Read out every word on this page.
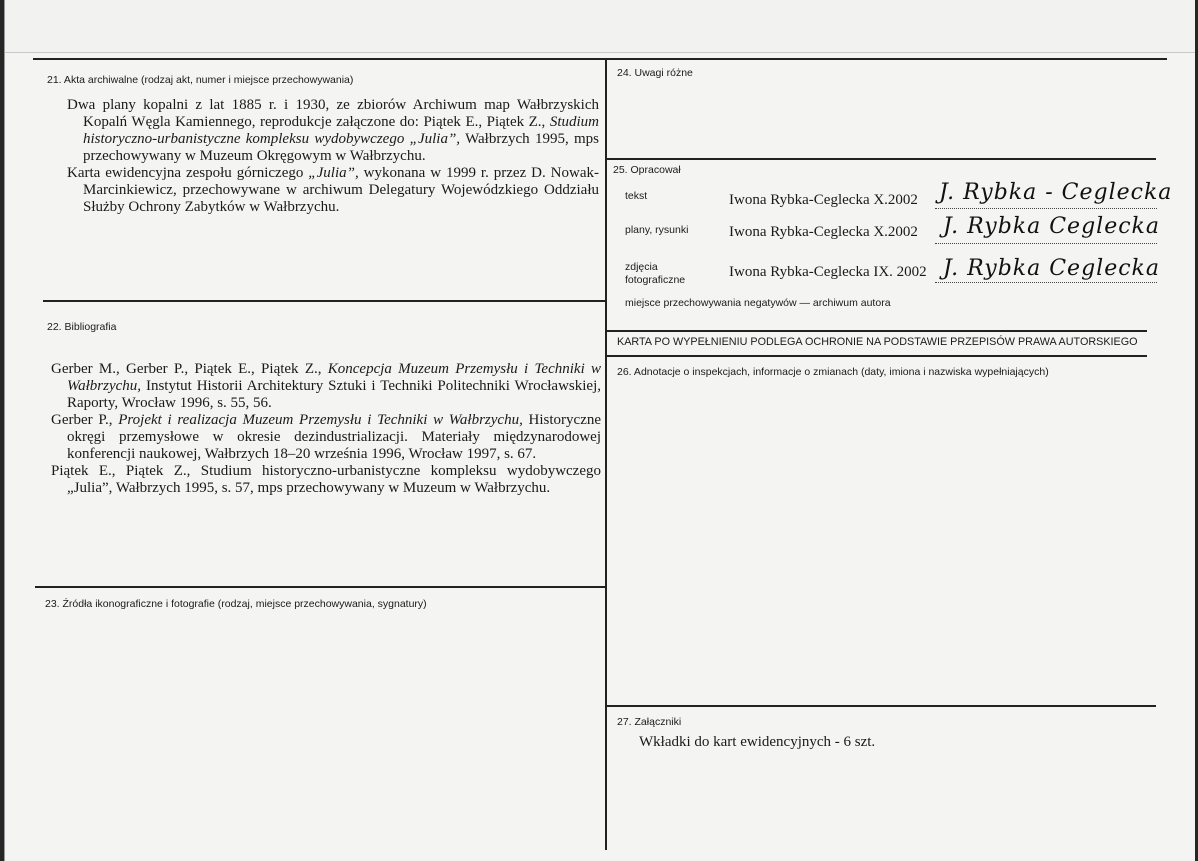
21. Akta archiwalne (rodzaj akt, numer i miejsce przechowywania)

Dwa plany kopalni z lat 1885 r. i 1930, ze zbiorów Archiwum map Wałbrzyskich Kopalń Węgla Kamiennego, reprodukcje załączone do: Piątek E., Piątek Z., Studium historyczno-urbanistyczne kompleksu wydobywczego „Julia”, Wałbrzych 1995, mps przechowywany w Muzeum Okręgowym w Wałbrzychu.

Karta ewidencyjna zespołu górniczego „Julia”, wykonana w 1999 r. przez D. Nowak-Marcinkiewicz, przechowywane w archiwum Delegatury Wojewódzkiego Oddziału Służby Ochrony Zabytków w Wałbrzychu.

22. Bibliografia

Gerber M., Gerber P., Piątek E., Piątek Z., Koncepcja Muzeum Przemysłu i Techniki w Wałbrzychu, Instytut Historii Architektury Sztuki i Techniki Politechniki Wrocławskiej, Raporty, Wrocław 1996, s. 55, 56.

Gerber P., Projekt i realizacja Muzeum Przemysłu i Techniki w Wałbrzychu, Historyczne okręgi przemysłowe w okresie dezindustrializacji. Materiały międzynarodowej konferencji naukowej, Wałbrzych 18–20 września 1996, Wrocław 1997, s. 67.

Piątek E., Piątek Z., Studium historyczno-urbanistyczne kompleksu wydobywczego „Julia”, Wałbrzych 1995, s. 57, mps przechowywany w Muzeum w Wałbrzychu.

23. Źródła ikonograficzne i fotografie (rodzaj, miejsce przechowywania, sygnatury)
24. Uwagi różne
25. Opracował
tekst	Iwona Rybka-Ceglecka X.2002 J. Rybka - Ceglecka
plany, rysunki	Iwona Rybka-Ceglecka X.2002 J. Rybka Ceglecka
zdjęcia
fotograficzne	Iwona Rybka-Ceglecka IX. 2002 J. Rybka Ceglecka
miejsce przechowywania negatywów — archiwum autora
KARTA PO WYPEŁNIENIU PODLEGA OCHRONIE NA PODSTAWIE PRZEPISÓW PRAWA AUTORSKIEGO
26. Adnotacje o inspekcjach, informacje o zmianach (daty, imiona i nazwiska wypełniających)
27. Załączniki
Wkładki do kart ewidencyjnych - 6 szt.
